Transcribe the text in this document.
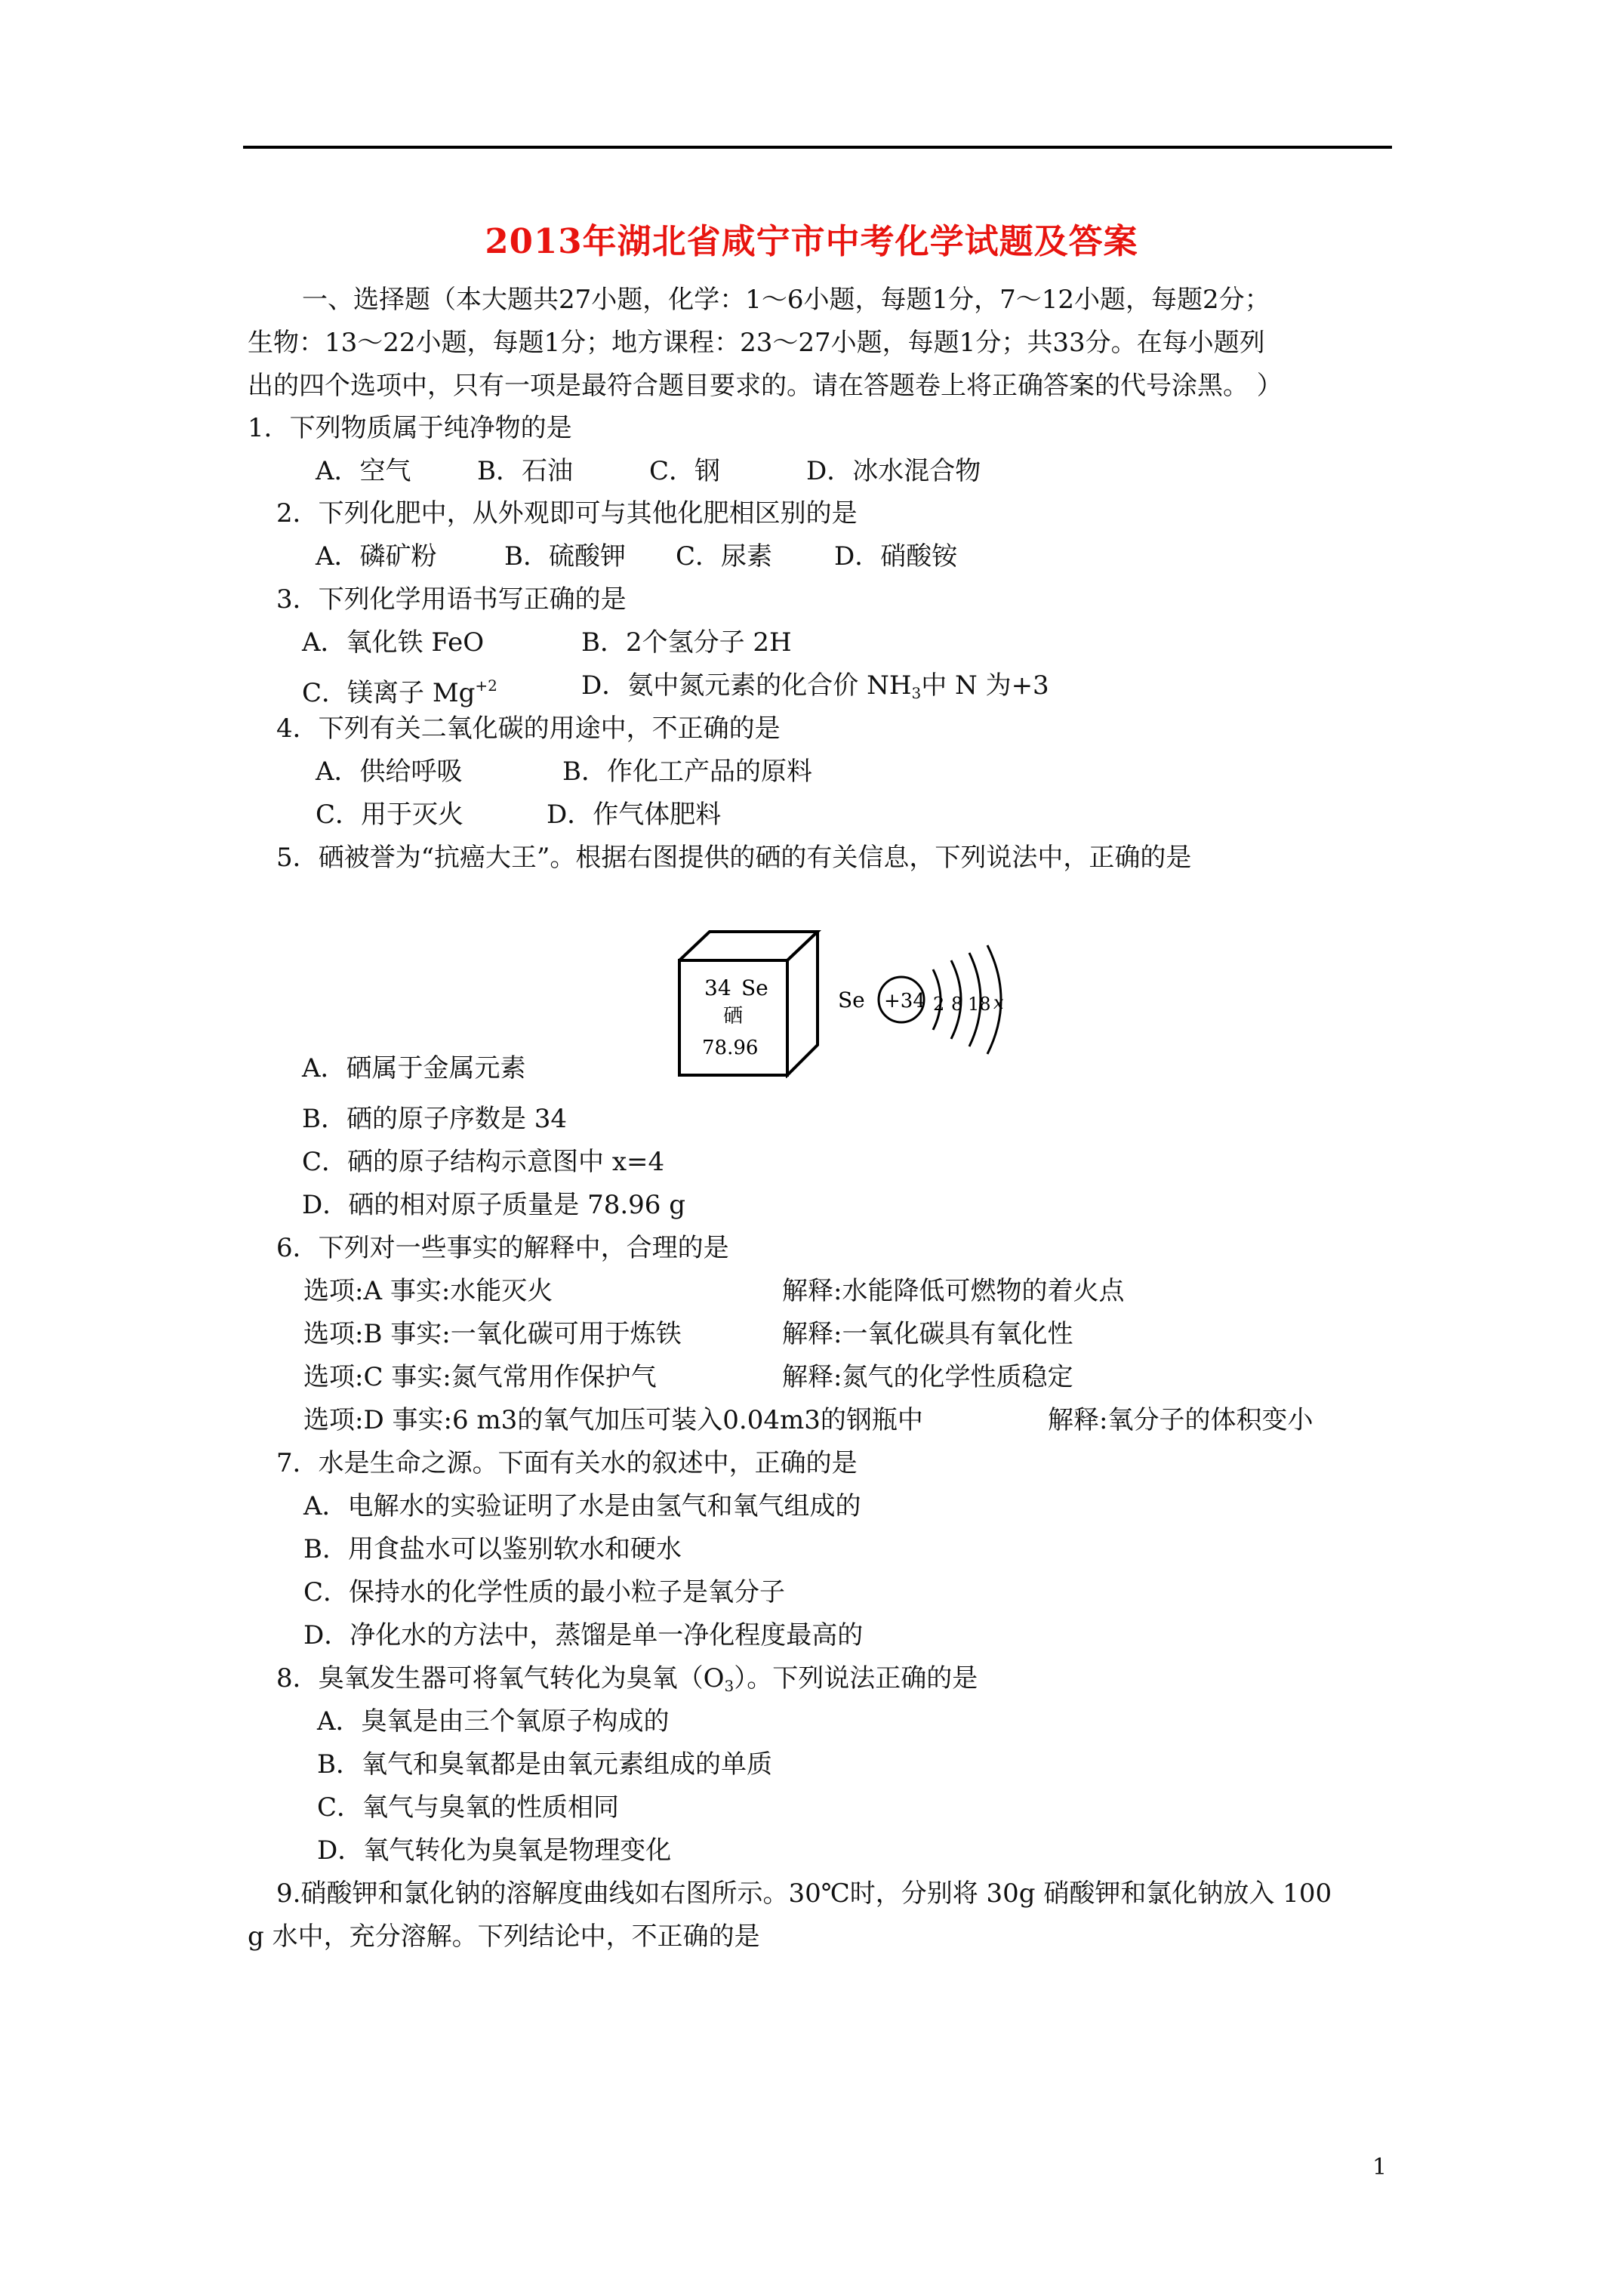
2013年湖北省咸宁市中考化学试题及答案
一、选择题（本大题共27小题，化学：1～6小题，每题1分，7～12小题，每题2分；
生物：13～22小题，每题1分；地方课程：23～27小题，每题1分；共33分。在每小题列
出的四个选项中，只有一项是最符合题目要求的。请在答题卷上将正确答案的代号涂黑。 ）
1．下列物质属于纯净物的是
A．空气	B．石油	C．钢	D．冰水混合物
2．下列化肥中，从外观即可与其他化肥相区别的是
A．磷矿粉	B．硫酸钾 C．尿素 D．硝酸铵
3．下列化学用语书写正确的是
A．氧化铁 FeO	B．2个氢分子 2H
C．镁离子 $Mg^{+2}$	D．氨中氮元素的化合价 $NH_3$中 N 为+3
4．下列有关二氧化碳的用途中，不正确的是
A．供给呼吸	B．作化工产品的原料
C．用于灭火	D．作气体肥料
5．硒被誉为“抗癌大王”。根据右图提供的硒的有关信息，下列说法中，正确的是
34 Se
硒
78.96
Se +34 2 8 18 x
A．硒属于金属元素
B．硒的原子序数是 34
C．硒的原子结构示意图中 x=4
D．硒的相对原子质量是 78.96 g
6．下列对一些事实的解释中，合理的是
选项:A 事实:水能灭火	解释:水能降低可燃物的着火点
选项:B 事实:一氧化碳可用于炼铁	解释:一氧化碳具有氧化性
选项:C 事实:氮气常用作保护气	解释:氮气的化学性质稳定
选项:D 事实:6 m3的氧气加压可装入0.04m3的钢瓶中	解释:氧分子的体积变小
7．水是生命之源。下面有关水的叙述中，正确的是
A．电解水的实验证明了水是由氢气和氧气组成的
B．用食盐水可以鉴别软水和硬水
C．保持水的化学性质的最小粒子是氧分子
D．净化水的方法中，蒸馏是单一净化程度最高的
8．臭氧发生器可将氧气转化为臭氧$(O_3)$。下列说法正确的是
A．臭氧是由三个氧原子构成的
B．氧气和臭氧都是由氧元素组成的单质
C．氧气与臭氧的性质相同
D．氧气转化为臭氧是物理变化
9.硝酸钾和氯化钠的溶解度曲线如右图所示。30℃时，分别将 30g 硝酸钾和氯化钠放入 100
g 水中，充分溶解。下列结论中，不正确的是
1
